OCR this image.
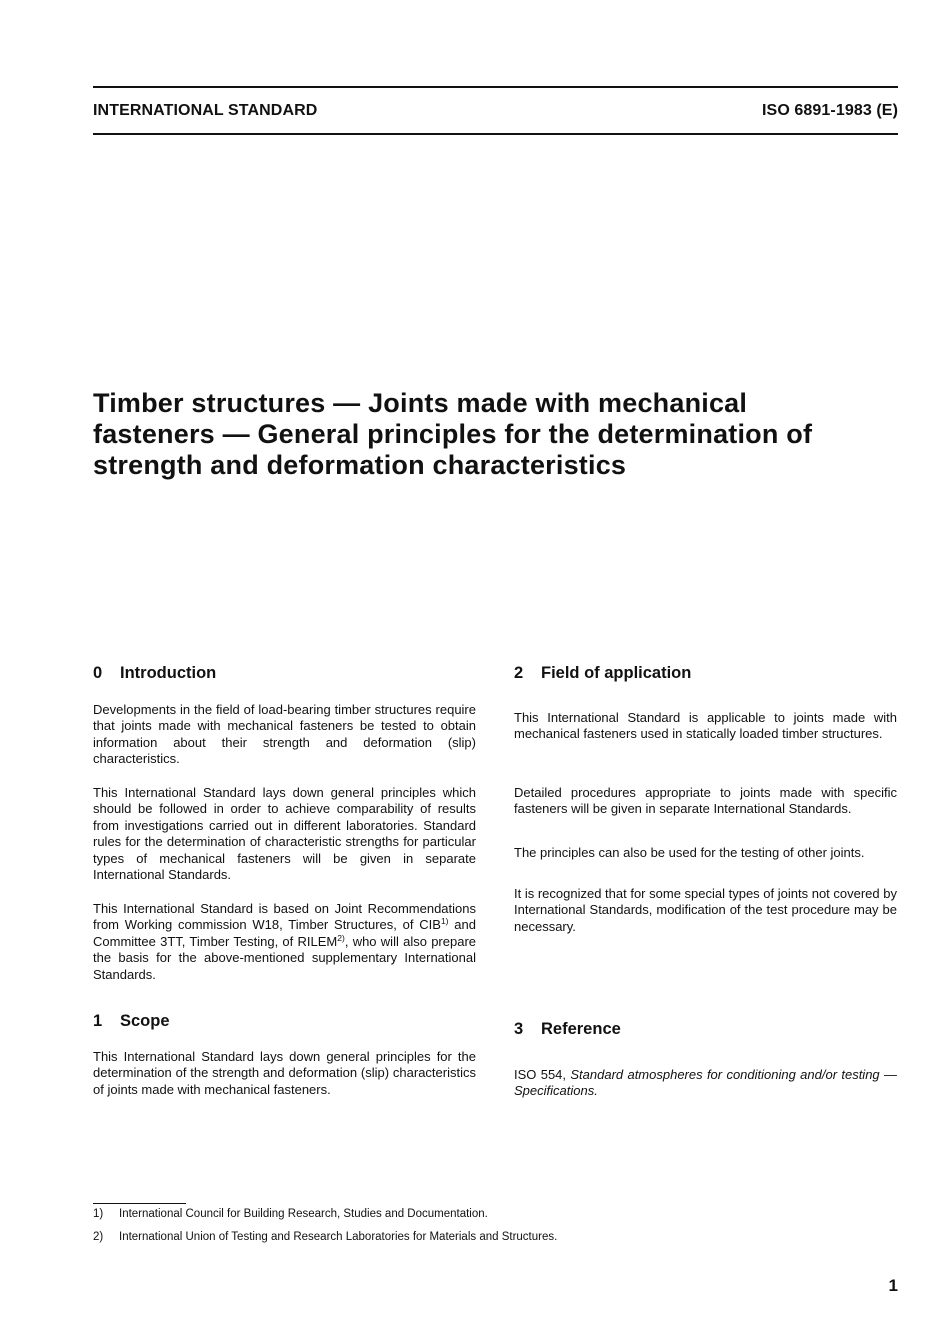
INTERNATIONAL STANDARD	ISO 6891-1983 (E)
Timber structures — Joints made with mechanical
fasteners — General principles for the determination of
strength and deformation characteristics
0 Introduction

Developments in the field of load-bearing timber structures require that joints made with mechanical fasteners be tested to obtain information about their strength and deformation (slip) characteristics.

This International Standard lays down general principles which should be followed in order to achieve comparability of results from investigations carried out in different laboratories. Standard rules for the determination of characteristic strengths for particular types of mechanical fasteners will be given in separate International Standards.

This International Standard is based on Joint Recommendations from Working commission W18, Timber Structures, of CIB$^{1)}$ and Committee 3TT, Timber Testing, of RILEM$^{2)}$, who will also prepare the basis for the above-mentioned supplementary International Standards.

1 Scope

This International Standard lays down general principles for the determination of the strength and deformation (slip) characteristics of joints made with mechanical fasteners.

2 Field of application

This International Standard is applicable to joints made with mechanical fasteners used in statically loaded timber structures.

Detailed procedures appropriate to joints made with specific fasteners will be given in separate International Standards.

The principles can also be used for the testing of other joints.

It is recognized that for some special types of joints not covered by International Standards, modification of the test procedure may be necessary.

3 Reference

ISO 554, Standard atmospheres for conditioning and/or testing — Specifications.

1) International Council for Building Research, Studies and Documentation.
2) International Union of Testing and Research Laboratories for Materials and Structures.
1
